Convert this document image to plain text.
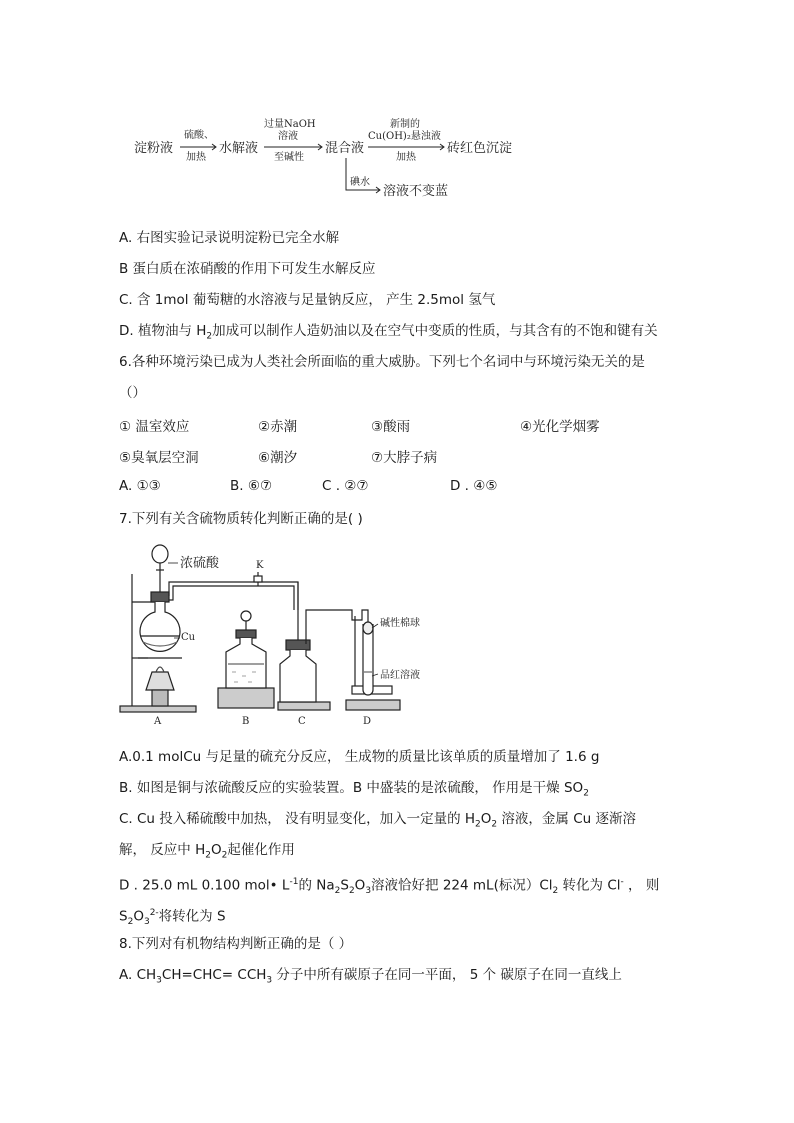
淀粉液
硫酸、
加热
水解液
过量NaOH
溶液
至碱性
混合液
新制的
Cu(OH)₂悬浊液
加热
砖红色沉淀
碘水
溶液不变蓝
A. 右图实验记录说明淀粉已完全水解
B 蛋白质在浓硝酸的作用下可发生水解反应
C. 含 1mol 葡萄糖的水溶液与足量钠反应， 产生 2.5mol 氢气
D. 植物油与 $H_2$加成可以制作人造奶油以及在空气中变质的性质，与其含有的不饱和键有关
6.各种环境污染已成为人类社会所面临的重大威胁。下列七个名词中与环境污染无关的是
（）
① 温室效应	②赤潮	③酸雨	④光化学烟雾
⑤臭氧层空洞	⑥潮汐	⑦大脖子病
A. ①③	B. ⑥⑦	C . ②⑦	D . ④⑤
7.下列有关含硫物质转化判断正确的是( )
浓硫酸
Cu
A
K
B	C
碱性棉球
品红溶液
D
A.0.1 molCu 与足量的硫充分反应， 生成物的质量比该单质的质量增加了 1.6 g
B. 如图是铜与浓硫酸反应的实验装置。B 中盛装的是浓硫酸， 作用是干燥 $SO_2$
C. Cu 投入稀硫酸中加热， 没有明显变化，加入一定量的 $H_2O_2$ 溶液，金属 Cu 逐渐溶
解， 反应中 $H_2O_2$起催化作用
D . 25.0 mL 0.100 mol• $L^{-1}$的 $Na_2S_2O_3$溶液恰好把 224 mL(标况）$Cl_2$ 转化为 Cl- ， 则
$S_2O_3^{2-}$将转化为 S
8.下列对有机物结构判断正确的是（ ）
A. $CH_3CH=CHC= CCH_3$ 分子中所有碳原子在同一平面， 5 个 碳原子在同一直线上
